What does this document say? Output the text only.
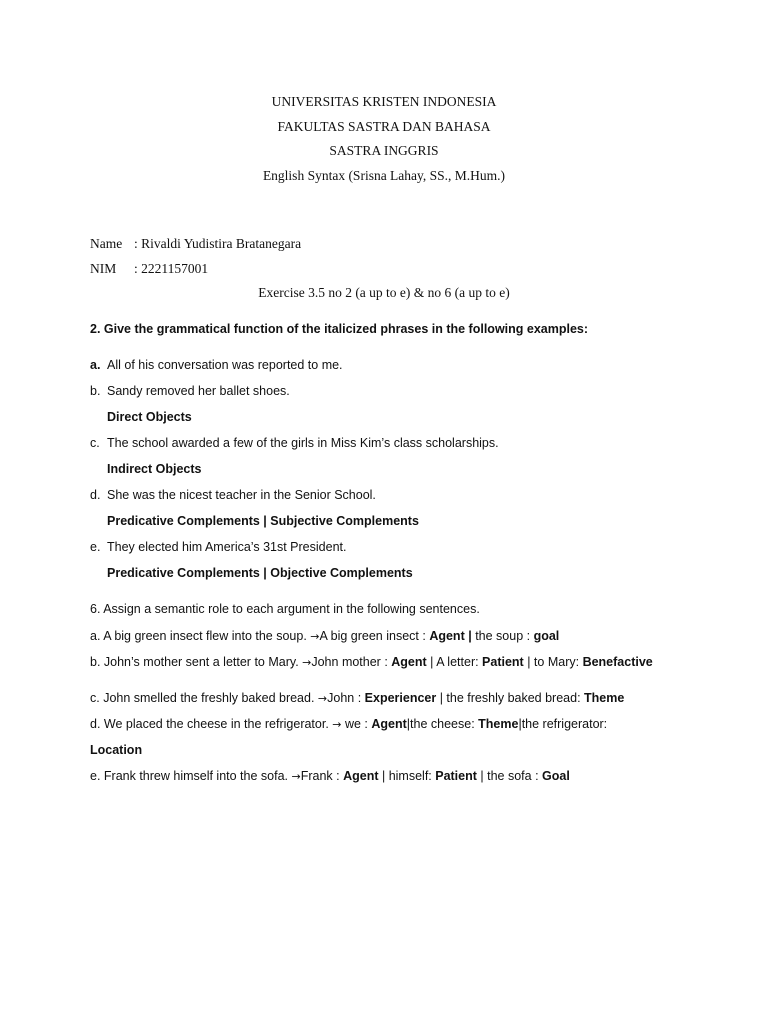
UNIVERSITAS KRISTEN INDONESIA
FAKULTAS SASTRA DAN BAHASA
SASTRA INGGRIS
English Syntax (Srisna Lahay, SS., M.Hum.)
Name : Rivaldi Yudistira Bratanegara
NIM : 2221157001
Exercise 3.5 no 2 (a up to e) & no 6 (a up to e)
2. Give the grammatical function of the italicized phrases in the following examples:
a. All of his conversation was reported to me.
b. Sandy removed her ballet shoes.
Direct Objects
c. The school awarded a few of the girls in Miss Kim’s class scholarships.
Indirect Objects
d. She was the nicest teacher in the Senior School.
Predicative Complements | Subjective Complements
e. They elected him America’s 31st President.
Predicative Complements | Objective Complements
6. Assign a semantic role to each argument in the following sentences.
a. A big green insect flew into the soup. →A big green insect : Agent | the soup : goal
b. John’s mother sent a letter to Mary. →John mother : Agent | A letter: Patient | to Mary: Benefactive
c. John smelled the freshly baked bread. →John : Experiencer | the freshly baked bread: Theme
d. We placed the cheese in the refrigerator. → we : Agent|the cheese: Theme|the refrigerator:
Location
e. Frank threw himself into the sofa. →Frank : Agent | himself: Patient | the sofa : Goal
